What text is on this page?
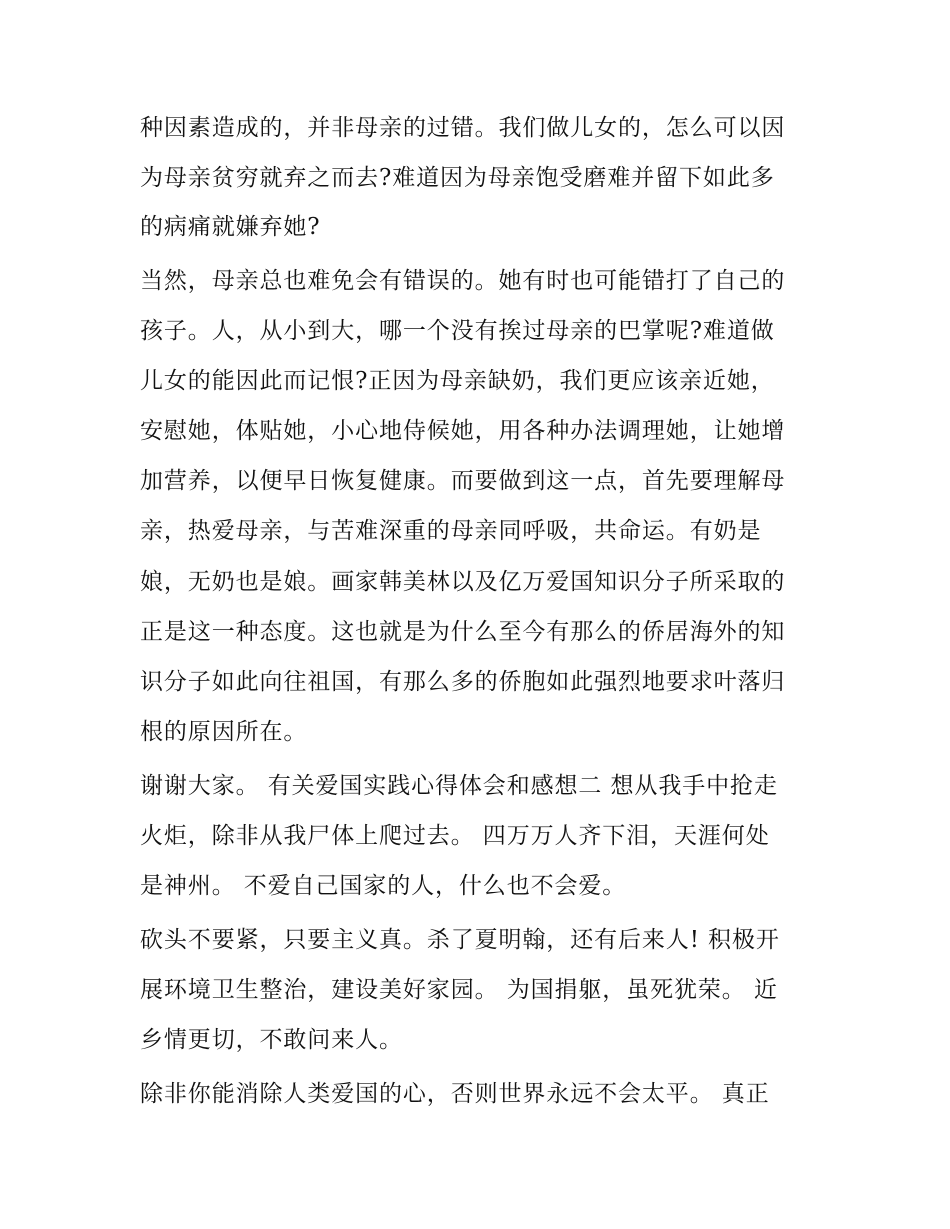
种因素造成的，并非母亲的过错。我们做儿女的，怎么可以因
为母亲贫穷就弃之而去?难道因为母亲饱受磨难并留下如此多
的病痛就嫌弃她?
当然，母亲总也难免会有错误的。她有时也可能错打了自己的
孩子。人，从小到大，哪一个没有挨过母亲的巴掌呢?难道做
儿女的能因此而记恨?正因为母亲缺奶，我们更应该亲近她，
安慰她，体贴她，小心地侍候她，用各种办法调理她，让她增
加营养，以便早日恢复健康。而要做到这一点，首先要理解母
亲，热爱母亲，与苦难深重的母亲同呼吸，共命运。有奶是
娘，无奶也是娘。画家韩美林以及亿万爱国知识分子所采取的
正是这一种态度。这也就是为什么至今有那么的侨居海外的知
识分子如此向往祖国，有那么多的侨胞如此强烈地要求叶落归
根的原因所在。
谢谢大家。 有关爱国实践心得体会和感想二 想从我手中抢走
火炬，除非从我尸体上爬过去。 四万万人齐下泪，天涯何处
是神州。 不爱自己国家的人，什么也不会爱。
砍头不要紧，只要主义真。杀了夏明翰，还有后来人! 积极开
展环境卫生整治，建设美好家园。 为国捐躯，虽死犹荣。 近
乡情更切，不敢问来人。
除非你能消除人类爱国的心，否则世界永远不会太平。 真正
